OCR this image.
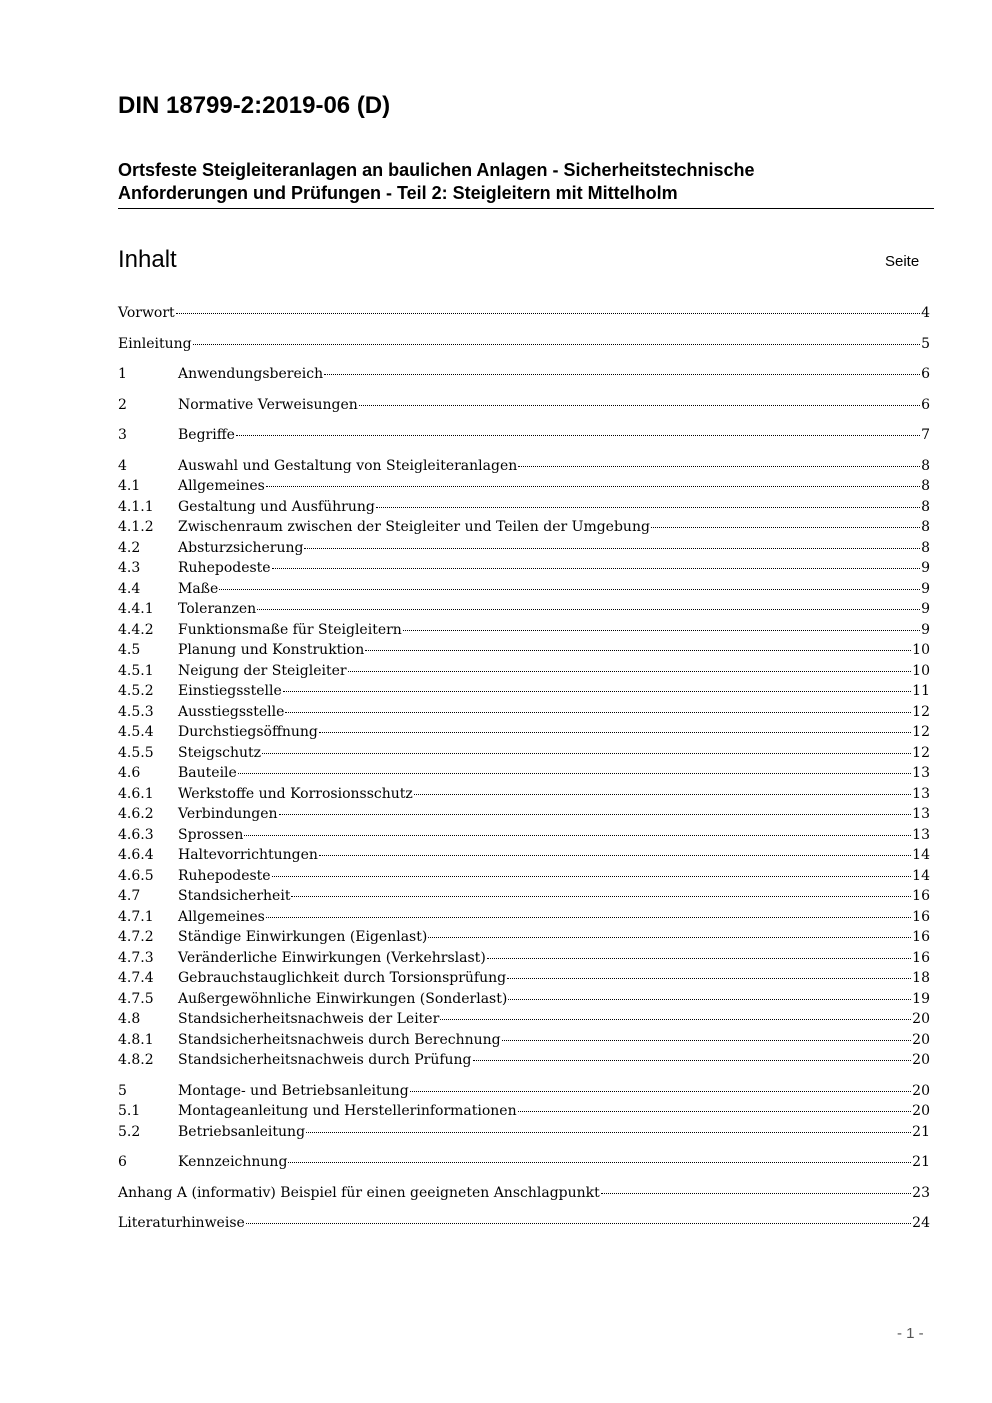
DIN 18799-2:2019-06 (D)
Ortsfeste Steigleiteranlagen an baulichen Anlagen - Sicherheitstechnische
Anforderungen und Prüfungen - Teil 2: Steigleitern mit Mittelholm
Inhalt	Seite
Vorwort	4
Einleitung	5
1	Anwendungsbereich	6
2	Normative Verweisungen	6
3	Begriffe	7
4	Auswahl und Gestaltung von Steigleiteranlagen	8
4.1	Allgemeines	8
4.1.1	Gestaltung und Ausführung	8
4.1.2	Zwischenraum zwischen der Steigleiter und Teilen der Umgebung	8
4.2	Absturzsicherung	8
4.3	Ruhepodeste	9
4.4	Maße	9
4.4.1	Toleranzen	9
4.4.2	Funktionsmaße für Steigleitern	9
4.5	Planung und Konstruktion	10
4.5.1	Neigung der Steigleiter	10
4.5.2	Einstiegsstelle	11
4.5.3	Ausstiegsstelle	12
4.5.4	Durchstiegsöffnung	12
4.5.5	Steigschutz	12
4.6	Bauteile	13
4.6.1	Werkstoffe und Korrosionsschutz	13
4.6.2	Verbindungen	13
4.6.3	Sprossen	13
4.6.4	Haltevorrichtungen	14
4.6.5	Ruhepodeste	14
4.7	Standsicherheit	16
4.7.1	Allgemeines	16
4.7.2	Ständige Einwirkungen (Eigenlast)	16
4.7.3	Veränderliche Einwirkungen (Verkehrslast)	16
4.7.4	Gebrauchstauglichkeit durch Torsionsprüfung	18
4.7.5	Außergewöhnliche Einwirkungen (Sonderlast)	19
4.8	Standsicherheitsnachweis der Leiter	20
4.8.1	Standsicherheitsnachweis durch Berechnung	20
4.8.2	Standsicherheitsnachweis durch Prüfung	20
5	Montage- und Betriebsanleitung	20
5.1	Montageanleitung und Herstellerinformationen	20
5.2	Betriebsanleitung	21
6	Kennzeichnung	21
Anhang A (informativ) Beispiel für einen geeigneten Anschlagpunkt	23
Literaturhinweise	24
- 1 -
